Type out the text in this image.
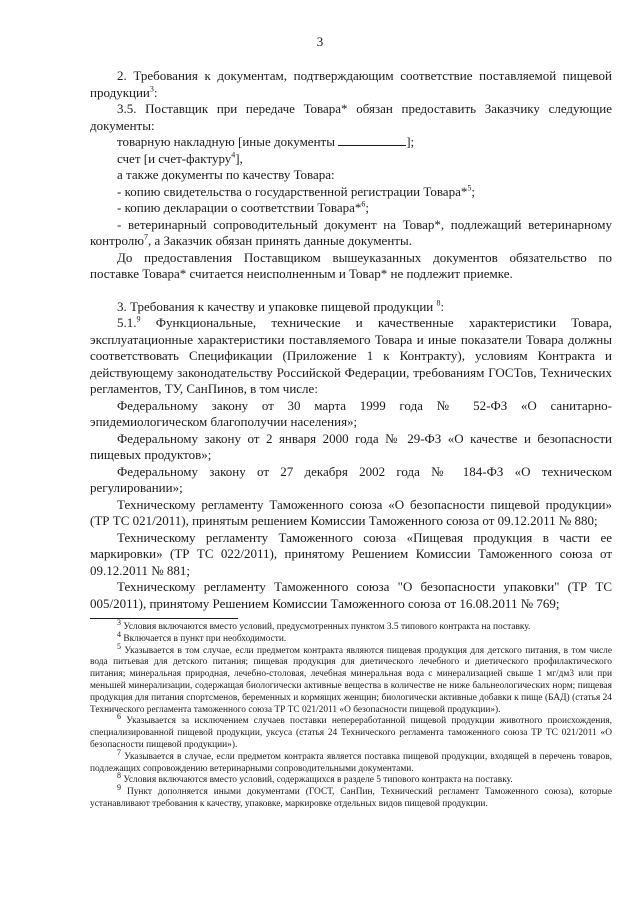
3

2. Требования к документам, подтверждающим соответствие поставляемой пищевой продукции$^3$:

3.5. Поставщик при передаче Товара* обязан предоставить Заказчику следующие документы:

товарную накладную [иные документы	];

счет [и счет-фактуру$^4$],

а также документы по качеству Товара:

- копию свидетельства о государственной регистрации Товара*$^5$;

- копию декларации о соответствии Товара*$^6$;

- ветеринарный сопроводительный документ на Товар*, подлежащий ветеринарному контролю$^7$, а Заказчик обязан принять данные документы.

До предоставления Поставщиком вышеуказанных документов обязательство по поставке Товара* считается неисполненным и Товар* не подлежит приемке.

3. Требования к качеству и упаковке пищевой продукции $^8$:

5.1.$^9$ Функциональные, технические и качественные характеристики Товара, эксплуатационные характеристики поставляемого Товара и иные показатели Товара должны соответствовать Спецификации (Приложение 1 к Контракту), условиям Контракта и действующему законодательству Российской Федерации, требованиям ГОСТов, Технических регламентов, ТУ, СанПинов, в том числе:

Федеральному закону от 30 марта 1999 года № 52-ФЗ «О санитарно-эпидемиологическом благополучии населения»;

Федеральному закону от 2 января 2000 года № 29-ФЗ «О качестве и безопасности пищевых продуктов»;

Федеральному закону от 27 декабря 2002 года № 184-ФЗ «О техническом регулировании»;

Техническому регламенту Таможенного союза «О безопасности пищевой продукции» (ТР ТС 021/2011), принятым решением Комиссии Таможенного союза от 09.12.2011 № 880;

Техническому регламенту Таможенного союза «Пищевая продукция в части ее маркировки» (ТР ТС 022/2011), принятому Решением Комиссии Таможенного союза от 09.12.2011 № 881;

Техническому регламенту Таможенного союза "О безопасности упаковки" (ТР ТС 005/2011), принятому Решением Комиссии Таможенного союза от 16.08.2011 № 769;

$^3$ Условия включаются вместо условий, предусмотренных пунктом 3.5 типового контракта на поставку.

$^4$ Включается в пункт при необходимости.

$^5$ Указывается в том случае, если предметом контракта являются пищевая продукция для детского питания, в том числе вода питьевая для детского питания; пищевая продукция для диетического лечебного и диетического профилактического питания; минеральная природная, лечебно-столовая, лечебная минеральная вода с минерализацией свыше 1 мг/дм3 или при меньшей минерализации, содержащая биологически активные вещества в количестве не ниже бальнеологических норм; пищевая продукция для питания спортсменов, беременных и кормящих женщин; биологически активные добавки к пище (БАД) (статья 24 Технического регламента таможенного союза ТР ТС 021/2011 «О безопасности пищевой продукции»).

$^6$ Указывается за исключением случаев поставки непереработанной пищевой продукции животного происхождения, специализированной пищевой продукции, уксуса (статья 24 Технического регламента таможенного союза ТР ТС 021/2011 «О безопасности пищевой продукции»).

$^7$ Указывается в случае, если предметом контракта является поставка пищевой продукции, входящей в перечень товаров, подлежащих сопровождению ветеринарными сопроводительными документами.

$^8$ Условия включаются вместо условий, содержащихся в разделе 5 типового контракта на поставку.

$^9$ Пункт дополняется иными документами (ГОСТ, СанПин, Технический регламент Таможенного союза), которые устанавливают требования к качеству, упаковке, маркировке отдельных видов пищевой продукции.
